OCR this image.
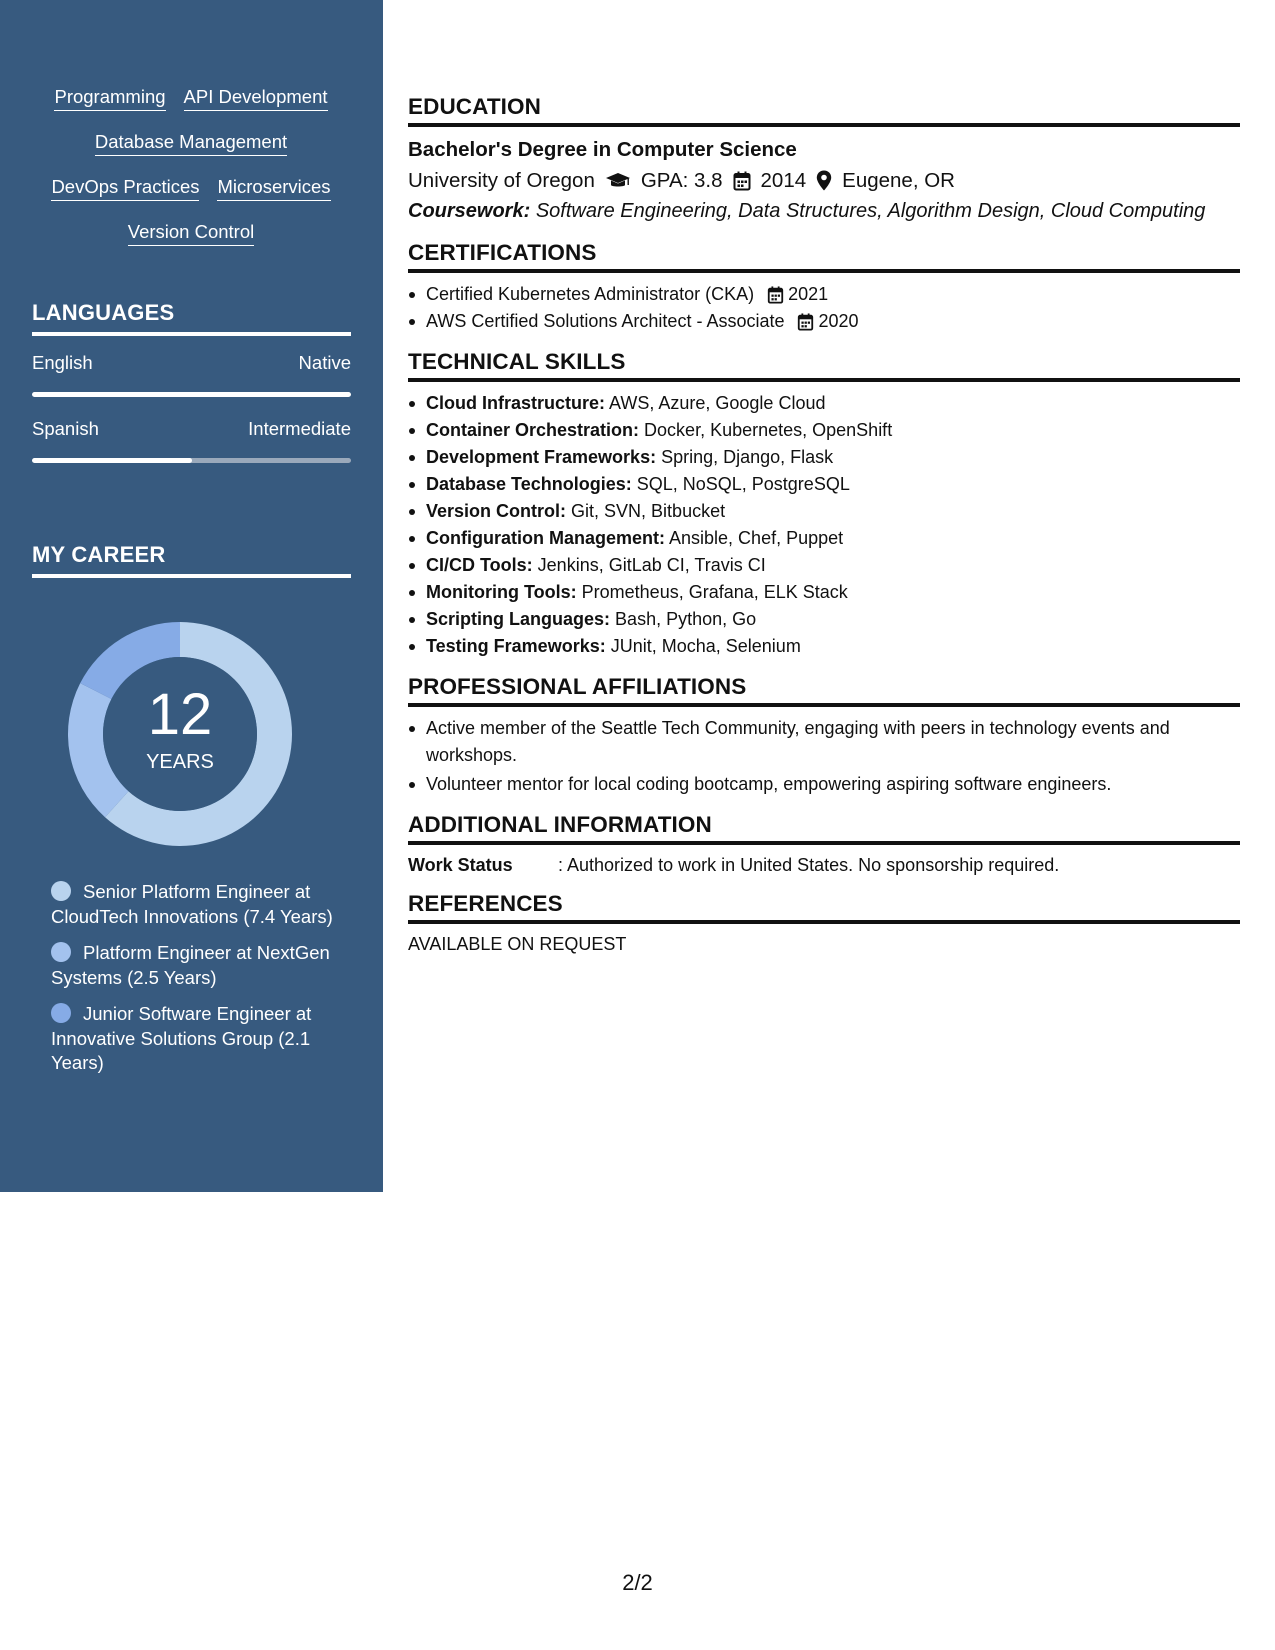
Programming API Development
Database Management
DevOps Practices Microservices
Version Control
LANGUAGES
English	Native
Spanish	Intermediate
MY CAREER
12
YEARS
Senior Platform Engineer at CloudTech Innovations (7.4 Years)
Platform Engineer at NextGen Systems (2.5 Years)
Junior Software Engineer at Innovative Solutions Group (2.1 Years)
EDUCATION
Bachelor's Degree in Computer Science
University of Oregon GPA: 3.8 2014 Eugene, OR
Coursework: Software Engineering, Data Structures, Algorithm Design, Cloud Computing
CERTIFICATIONS
Certified Kubernetes Administrator (CKA) 2021
AWS Certified Solutions Architect - Associate 2020
TECHNICAL SKILLS
Cloud Infrastructure: AWS, Azure, Google Cloud
Container Orchestration: Docker, Kubernetes, OpenShift
Development Frameworks: Spring, Django, Flask
Database Technologies: SQL, NoSQL, PostgreSQL
Version Control: Git, SVN, Bitbucket
Configuration Management: Ansible, Chef, Puppet
CI/CD Tools: Jenkins, GitLab CI, Travis CI
Monitoring Tools: Prometheus, Grafana, ELK Stack
Scripting Languages: Bash, Python, Go
Testing Frameworks: JUnit, Mocha, Selenium
PROFESSIONAL AFFILIATIONS
Active member of the Seattle Tech Community, engaging with peers in technology events and workshops.
Volunteer mentor for local coding bootcamp, empowering aspiring software engineers.
ADDITIONAL INFORMATION
Work Status	: Authorized to work in United States. No sponsorship required.
REFERENCES
AVAILABLE ON REQUEST
2/2
